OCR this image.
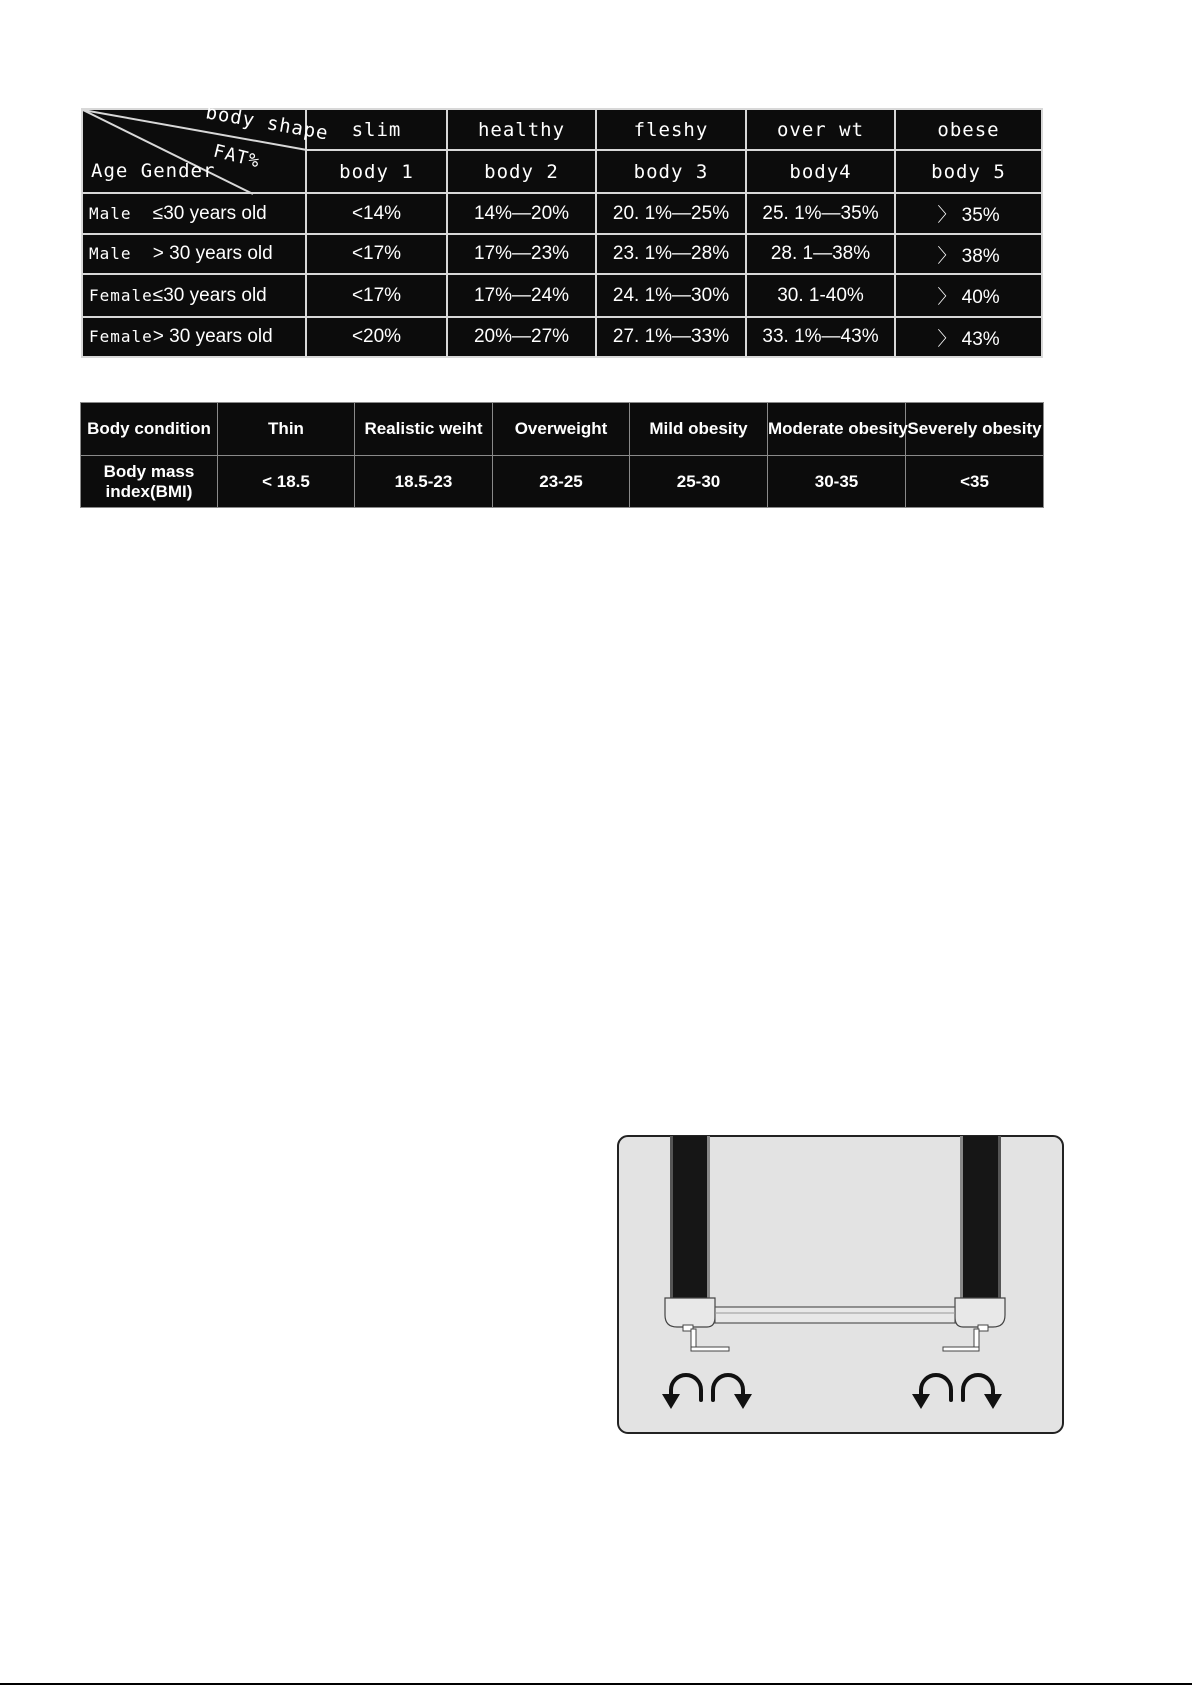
body shape
FAT%
Age Gender	slim	healthy	fleshy	over wt	obese
	body 1	body 2	body 3	body4	body 5
Male ≤30 years old	<14%	14%—20%	20. 1%—25%	25. 1%—35%	〉 35%
Male > 30 years old	<17%	17%—23%	23. 1%—28%	28. 1—38%	〉 38%
Female≤30 years old	<17%	17%—24%	24. 1%—30%	30. 1-40%	〉 40%
Female> 30 years old	<20%	20%—27%	27. 1%—33%	33. 1%—43%	〉 43%
Body condition	Thin	Realistic weiht	Overweight	Mild obesity	Moderate obesity	Severely obesity
Body mass
index(BMI)	< 18.5	18.5-23	23-25	25-30	30-35	<35
